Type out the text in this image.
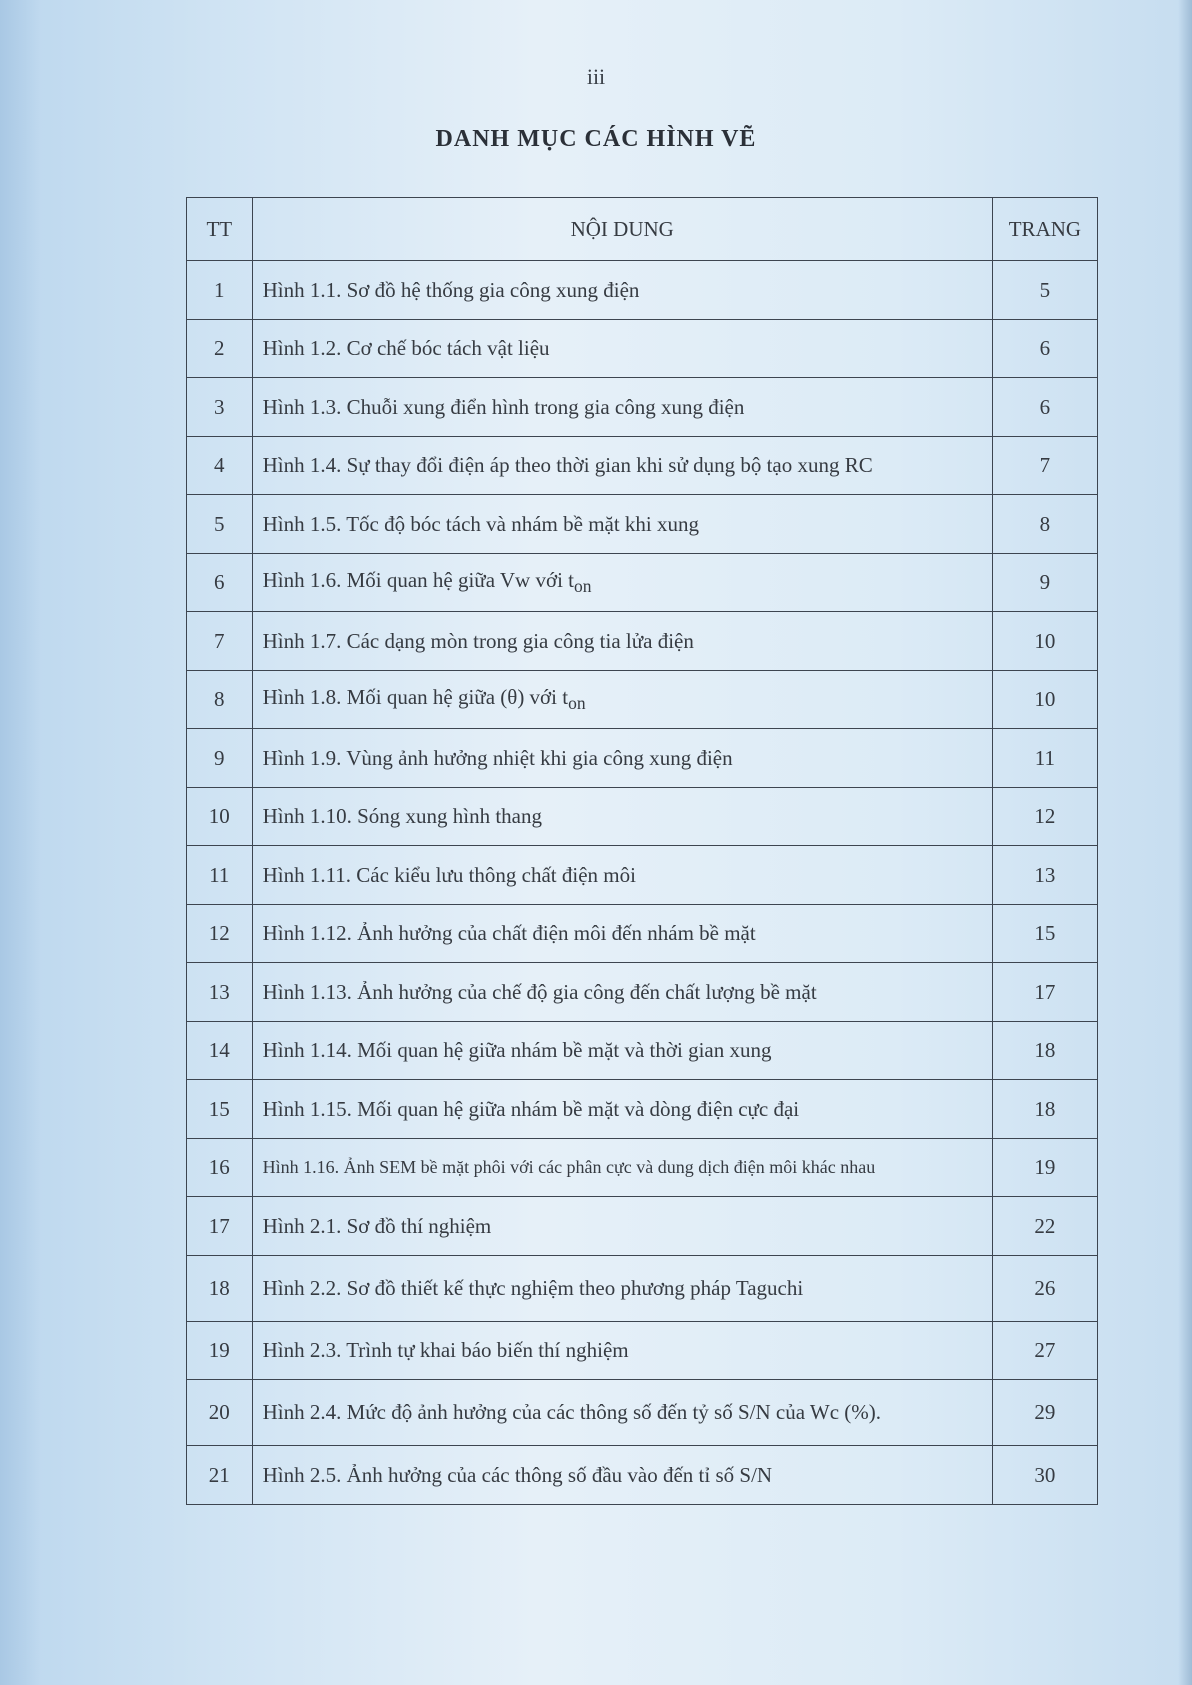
iii
DANH MỤC CÁC HÌNH VẼ
TT	NỘI DUNG	TRANG
1	Hình 1.1. Sơ đồ hệ thống gia công xung điện	5
2	Hình 1.2. Cơ chế bóc tách vật liệu	6
3	Hình 1.3. Chuỗi xung điển hình trong gia công xung điện	6
4	Hình 1.4. Sự thay đổi điện áp theo thời gian khi sử dụng bộ tạo xung RC	7
5	Hình 1.5. Tốc độ bóc tách và nhám bề mặt khi xung	8
6	Hình 1.6. Mối quan hệ giữa Vw với $t_{on}$	9
7	Hình 1.7. Các dạng mòn trong gia công tia lửa điện	10
8	Hình 1.8. Mối quan hệ giữa (θ) với $t_{on}$	10
9	Hình 1.9. Vùng ảnh hưởng nhiệt khi gia công xung điện	11
10	Hình 1.10. Sóng xung hình thang	12
11	Hình 1.11. Các kiểu lưu thông chất điện môi	13
12	Hình 1.12. Ảnh hưởng của chất điện môi đến nhám bề mặt	15
13	Hình 1.13. Ảnh hưởng của chế độ gia công đến chất lượng bề mặt	17
14	Hình 1.14. Mối quan hệ giữa nhám bề mặt và thời gian xung	18
15	Hình 1.15. Mối quan hệ giữa nhám bề mặt và dòng điện cực đại	18
16	Hình 1.16. Ảnh SEM bề mặt phôi với các phân cực và dung dịch điện môi khác nhau	19
17	Hình 2.1. Sơ đồ thí nghiệm	22
18	Hình 2.2. Sơ đồ thiết kế thực nghiệm theo phương pháp Taguchi	26
19	Hình 2.3. Trình tự khai báo biến thí nghiệm	27
20	Hình 2.4. Mức độ ảnh hưởng của các thông số đến tỷ số S/N của Wc (%).	29
21	Hình 2.5. Ảnh hưởng của các thông số đầu vào đến tỉ số S/N	30
